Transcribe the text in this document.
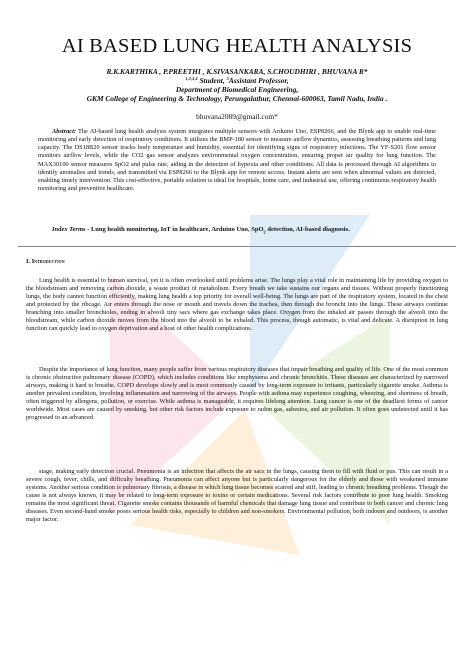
AI BASED LUNG HEALTH ANALYSIS
R.K.KARTHIKA , P.PREETHI , K.SIVASANKARA, S.CHOUDHIRI , BHUVANA R*
$^{1,2,3,4}$ Student, $^5$Assistant Professor,
Department of Biomedical Engineering,
GKM College of Engineering & Technology, Perungalathur, Chennai-600063, Tamil Nadu, India .
bhuvana2089@gmail.com*

Abstract: The AI-based lung health analysis system integrates multiple sensors with Arduino Uno, ESP8266, and the Blynk app to enable real-time monitoring and early detection of respiratory conditions. It utilizes the BMP-180 sensor to measure airflow dynamics, assessing breathing patterns and lung capacity. The DS18B20 sensor tracks body temperature and humidity, essential for identifying signs of respiratory infections. The YF-S201 flow sensor monitors airflow levels, while the CO2 gas sensor analyzes environmental oxygen concentration, ensuring proper air quality for lung function. The MAX30100 sensor measures SpO2 and pulse rate, aiding in the detection of hypoxia and other conditions. All data is processed through AI algorithms to identify anomalies and trends, and transmitted via ESP8266 to the Blynk app for remote access. Instant alerts are sent when abnormal values are detected, enabling timely intervention. This cost-effective, portable solution is ideal for hospitals, home care, and industrial use, offering continuous respiratory health monitoring and preventive healthcare.

Index Terms - Lung health monitoring, IoT in healthcare, Arduino Uno, SpO$_2$ detection, AI-based diagnosis.

I. Introduction

Lung health is essential to human survival, yet it is often overlooked until problems arise. The lungs play a vital role in maintaining life by providing oxygen to the bloodstream and removing carbon dioxide, a waste product of metabolism. Every breath we take sustains our organs and tissues. Without properly functioning lungs, the body cannot function efficiently, making lung health a top priority for overall well-being. The lungs are part of the respiratory system, located in the chest and protected by the ribcage. Air enters through the nose or mouth and travels down the trachea, then through the bronchi into the lungs. These airways continue branching into smaller bronchioles, ending in alveoli tiny sacs where gas exchange takes place. Oxygen from the inhaled air passes through the alveoli into the bloodstream, while carbon dioxide moves from the blood into the alveoli to be exhaled. This process, though automatic, is vital and delicate. A disruption in lung function can quickly lead to oxygen deprivation and a host of other health complications.

Despite the importance of lung function, many people suffer from various respiratory diseases that impair breathing and quality of life. One of the most common is chronic obstructive pulmonary disease (COPD), which includes conditions like emphysema and chronic bronchitis. These diseases are characterized by narrowed airways, making it hard to breathe. COPD develops slowly and is most commonly caused by long-term exposure to irritants, particularly cigarette smoke. Asthma is another prevalent condition, involving inflammation and narrowing of the airways. People with asthma may experience coughing, wheezing, and shortness of breath, often triggered by allergens, pollution, or exercise. While asthma is manageable, it requires lifelong attention. Lung cancer is one of the deadliest forms of cancer worldwide. Most cases are caused by smoking, but other risk factors include exposure to radon gas, asbestos, and air pollution. It often goes undetected until it has progressed to an advanced

stage, making early detection crucial. Pneumonia is an infection that affects the air sacs in the lungs, causing them to fill with fluid or pus. This can result in a severe cough, fever, chills, and difficulty breathing. Pneumonia can affect anyone but is particularly dangerous for the elderly and those with weakened immune systems. Another serious condition is pulmonary fibrosis, a disease in which lung tissue becomes scarred and stiff, leading to chronic breathing problems. Though the cause is not always known, it may be related to long-term exposure to toxins or certain medications. Several risk factors contribute to poor lung health. Smoking remains the most significant threat. Cigarette smoke contains thousands of harmful chemicals that damage lung tissue and contribute to both cancer and chronic lung diseases. Even second-hand smoke poses serious health risks, especially to children and non-smokers. Environmental pollution, both indoors and outdoors, is another major factor.
